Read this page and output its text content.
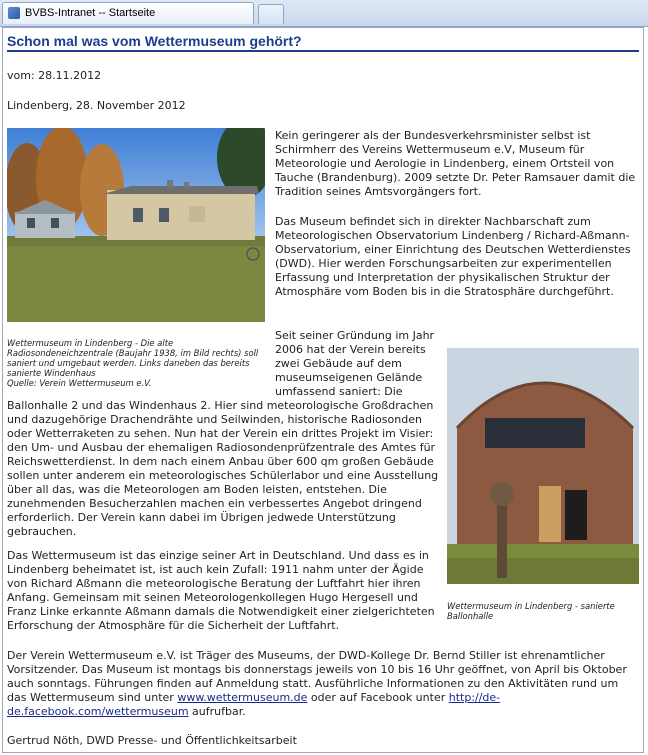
BVBS-Intranet -- Startseite
Schon mal was vom Wettermuseum gehört?

vom: 28.11.2012

Lindenberg, 28. November 2012

Wettermuseum in Lindenberg - Die alte Radiosondeneichzentrale (Baujahr 1938, im Bild rechts) soll saniert und umgebaut werden. Links daneben das bereits sanierte Windenhaus
Quelle: Verein Wettermuseum e.V.

Kein geringerer als der Bundesverkehrsminister selbst ist Schirmherr des Vereins Wettermuseum e.V, Museum für Meteorologie und Aerologie in Lindenberg, einem Ortsteil von Tauche (Brandenburg). 2009 setzte Dr. Peter Ramsauer damit die Tradition seines Amtsvorgängers fort.

Das Museum befindet sich in direkter Nachbarschaft zum Meteorologischen Observatorium Lindenberg / Richard-Aßmann-Observatorium, einer Einrichtung des Deutschen Wetterdienstes (DWD). Hier werden Forschungsarbeiten zur experimentellen Erfassung und Interpretation der physikalischen Struktur der Atmosphäre vom Boden bis in die Stratosphäre durchgeführt.

Seit seiner Gründung im Jahr 2006 hat der Verein bereits zwei Gebäude auf dem museumseigenen Gelände umfassend saniert: Die

Ballonhalle 2 und das Windenhaus 2. Hier sind meteorologische Großdrachen und dazugehörige Drachendrähte und Seilwinden, historische Radiosonden oder Wetterraketen zu sehen. Nun hat der Verein ein drittes Projekt im Visier: den Um- und Ausbau der ehemaligen Radiosondenprüfzentrale des Amtes für Reichswetterdienst. In dem nach einem Anbau über 600 qm großen Gebäude sollen unter anderem ein meteorologisches Schülerlabor und eine Ausstellung über all das, was die Meteorologen am Boden leisten, entstehen. Die zunehmenden Besucherzahlen machen ein verbessertes Angebot dringend erforderlich. Der Verein kann dabei im Übrigen jedwede Unterstützung gebrauchen.

Wettermuseum in Lindenberg - sanierte Ballonhalle

Das Wettermuseum ist das einzige seiner Art in Deutschland. Und dass es in Lindenberg beheimatet ist, ist auch kein Zufall: 1911 nahm unter der Ägide von Richard Aßmann die meteorologische Beratung der Luftfahrt hier ihren Anfang. Gemeinsam mit seinen Meteorologenkollegen Hugo Hergesell und Franz Linke erkannte Aßmann damals die Notwendigkeit einer zielgerichteten Erforschung der Atmosphäre für die Sicherheit der Luftfahrt.

Der Verein Wettermuseum e.V. ist Träger des Museums, der DWD-Kollege Dr. Bernd Stiller ist ehrenamtlicher Vorsitzender. Das Museum ist montags bis donnerstags jeweils von 10 bis 16 Uhr geöffnet, von April bis Oktober auch sonntags. Führungen finden auf Anmeldung statt. Ausführliche Informationen zu den Aktivitäten rund um das Wettermuseum sind unter www.wettermuseum.de oder auf Facebook unter http://de-de.facebook.com/wettermuseum aufrufbar.

Gertrud Nöth, DWD Presse- und Öffentlichkeitsarbeit
